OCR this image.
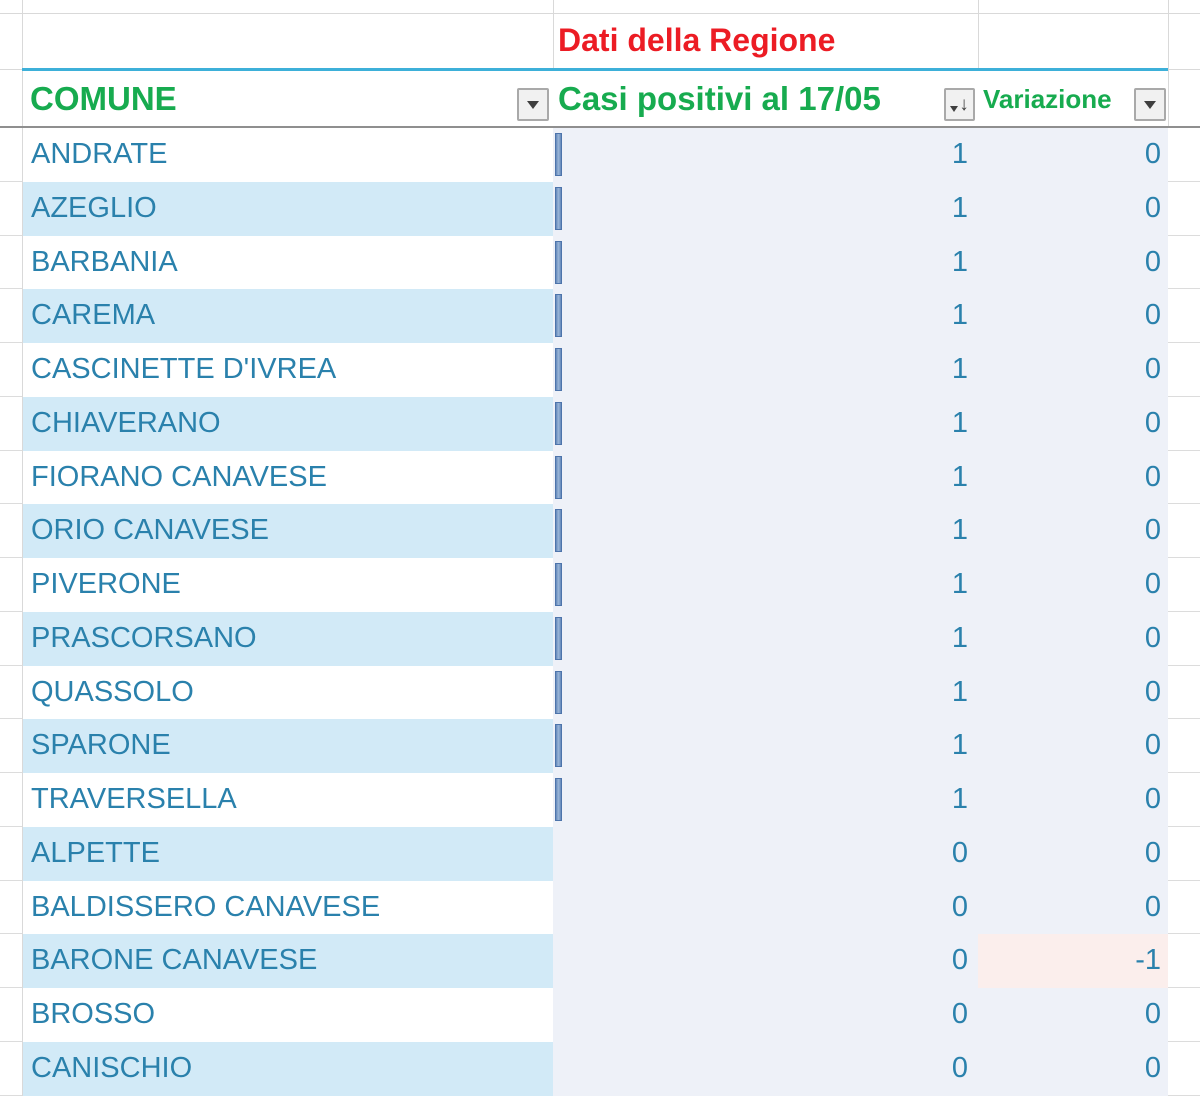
Dati della Regione
COMUNE	Casi positivi al 17/05	↓ Variazione
ANDRATE	1	0
AZEGLIO	1	0
BARBANIA	1	0
CAREMA	1	0
CASCINETTE D'IVREA	1	0
CHIAVERANO	1	0
FIORANO CANAVESE	1	0
ORIO CANAVESE	1	0
PIVERONE	1	0
PRASCORSANO	1	0
QUASSOLO	1	0
SPARONE	1	0
TRAVERSELLA	1	0
ALPETTE	0	0
BALDISSERO CANAVESE	0	0
BARONE CANAVESE	0	-1
BROSSO	0	0
CANISCHIO	0	0
